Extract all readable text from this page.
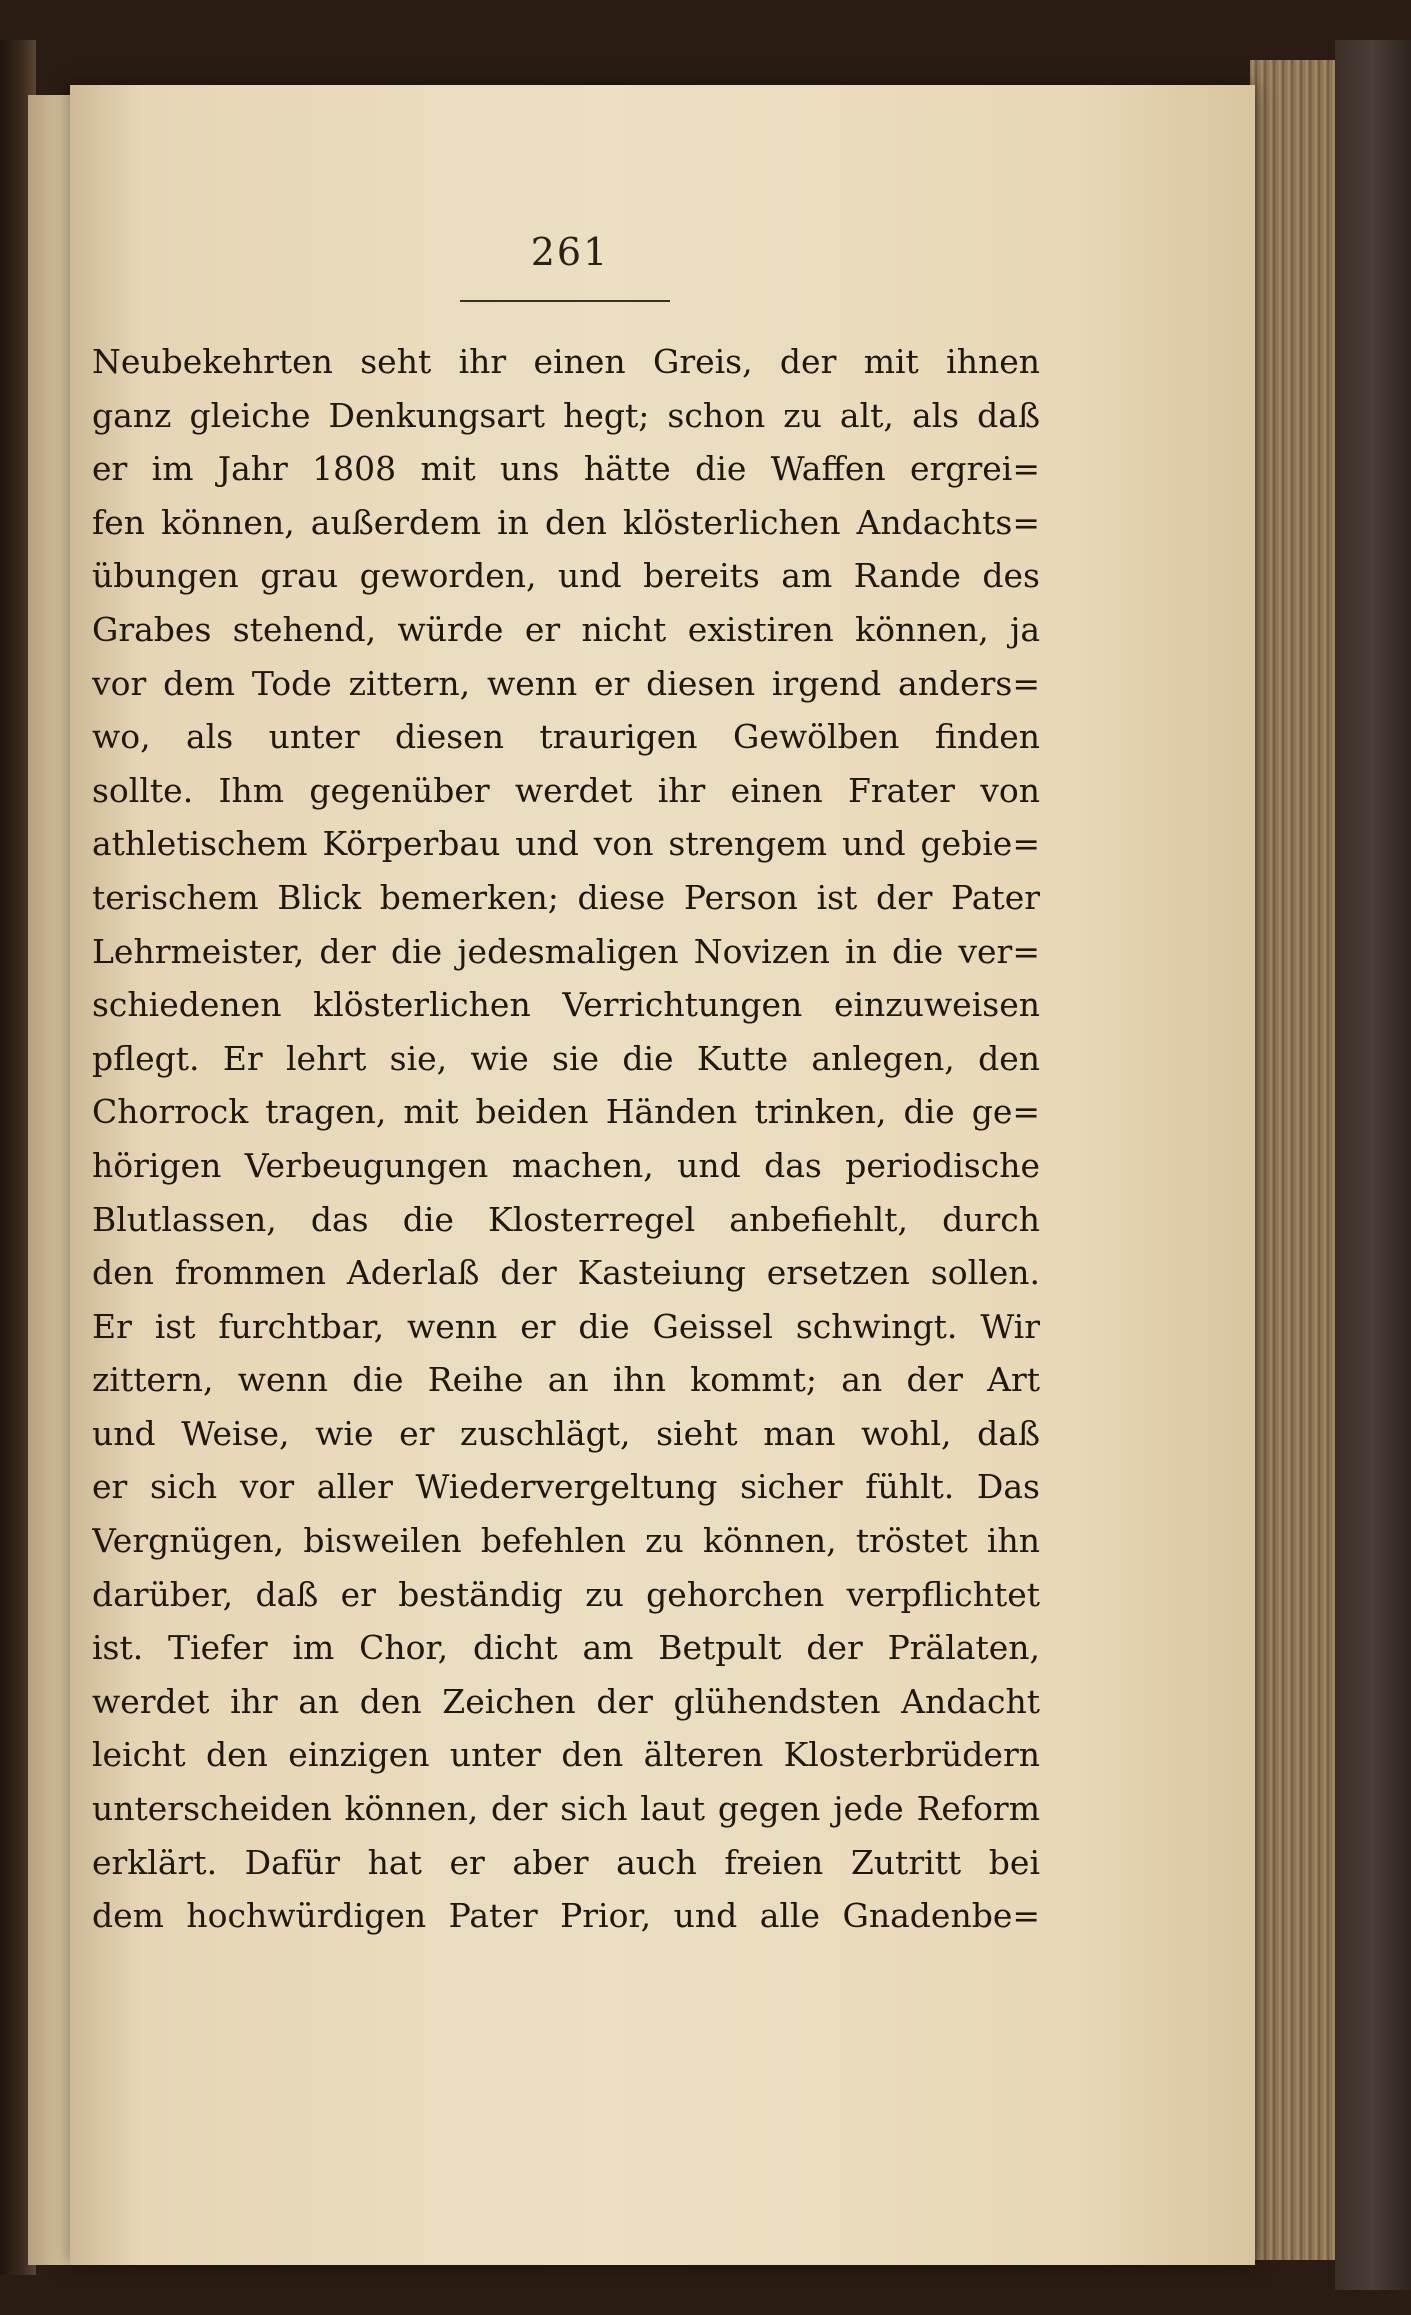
261
Neubekehrten seht ihr einen Greis, der mit ihnen
ganz gleiche Denkungsart hegt; schon zu alt, als daß
er im Jahr 1808 mit uns hätte die Waffen ergrei=
fen können, außerdem in den klösterlichen Andachts=
übungen grau geworden, und bereits am Rande des
Grabes stehend, würde er nicht existiren können, ja
vor dem Tode zittern, wenn er diesen irgend anders=
wo, als unter diesen traurigen Gewölben finden
sollte. Ihm gegenüber werdet ihr einen Frater von
athletischem Körperbau und von strengem und gebie=
terischem Blick bemerken; diese Person ist der Pater
Lehrmeister, der die jedesmaligen Novizen in die ver=
schiedenen klösterlichen Verrichtungen einzuweisen
pflegt. Er lehrt sie, wie sie die Kutte anlegen, den
Chorrock tragen, mit beiden Händen trinken, die ge=
hörigen Verbeugungen machen, und das periodische
Blutlassen, das die Klosterregel anbefiehlt, durch
den frommen Aderlaß der Kasteiung ersetzen sollen.
Er ist furchtbar, wenn er die Geissel schwingt. Wir
zittern, wenn die Reihe an ihn kommt; an der Art
und Weise, wie er zuschlägt, sieht man wohl, daß
er sich vor aller Wiedervergeltung sicher fühlt. Das
Vergnügen, bisweilen befehlen zu können, tröstet ihn
darüber, daß er beständig zu gehorchen verpflichtet
ist. Tiefer im Chor, dicht am Betpult der Prälaten,
werdet ihr an den Zeichen der glühendsten Andacht
leicht den einzigen unter den älteren Klosterbrüdern
unterscheiden können, der sich laut gegen jede Reform
erklärt. Dafür hat er aber auch freien Zutritt bei
dem hochwürdigen Pater Prior, und alle Gnadenbe=
